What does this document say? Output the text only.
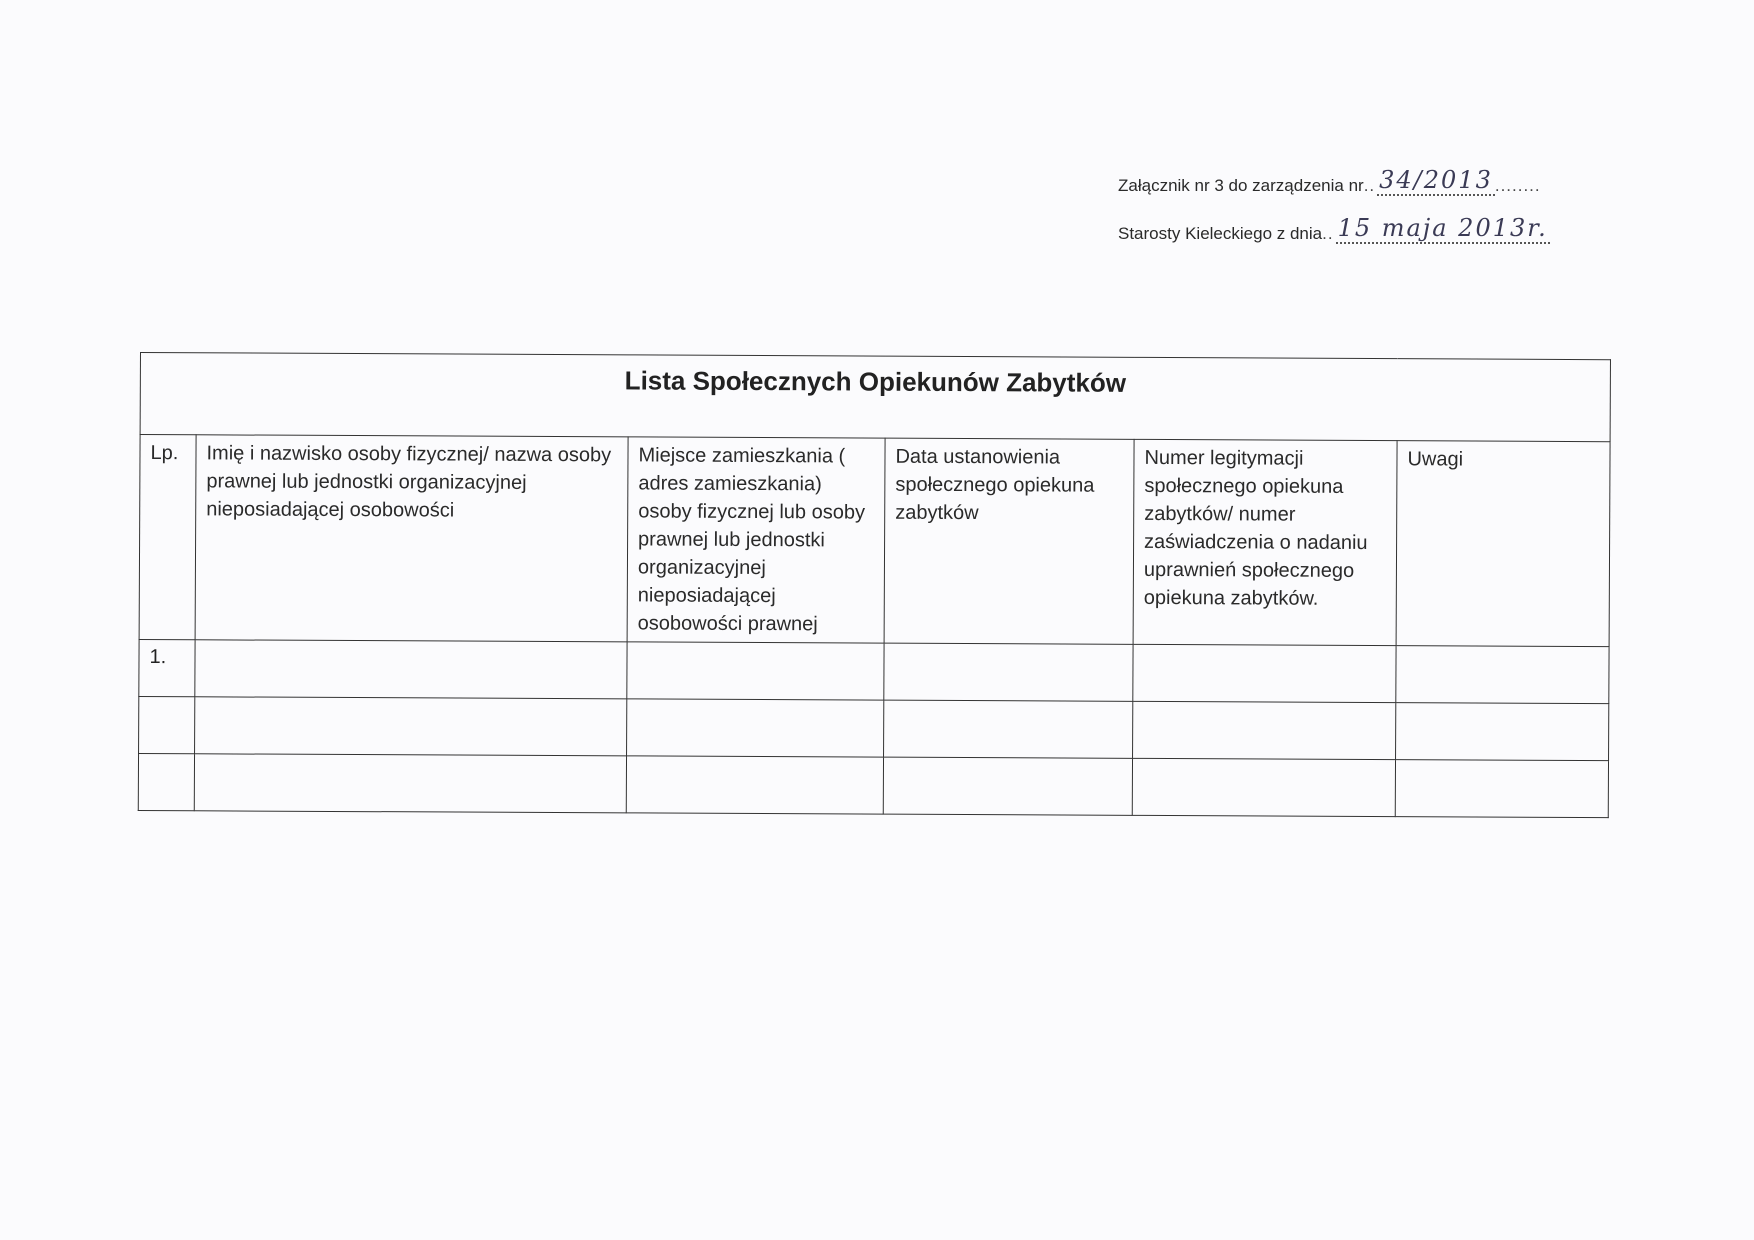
Załącznik nr 3 do zarządzenia nr .. 34/2013 ........
Starosty Kieleckiego z dnia .. 15 maja 2013r.
Lista Społecznych Opiekunów Zabytków					
Lp.	Imię i nazwisko osoby fizycznej/ nazwa osoby prawnej lub jednostki organizacyjnej nieposiadającej osobowości	Miejsce zamieszkania ( adres zamieszkania) osoby fizycznej lub osoby prawnej lub jednostki organizacyjnej nieposiadającej osobowości prawnej	Data ustanowienia społecznego opiekuna zabytków	Numer legitymacji społecznego opiekuna zabytków/ numer zaświadczenia o nadaniu uprawnień społecznego opiekuna zabytków.	Uwagi
1.					
